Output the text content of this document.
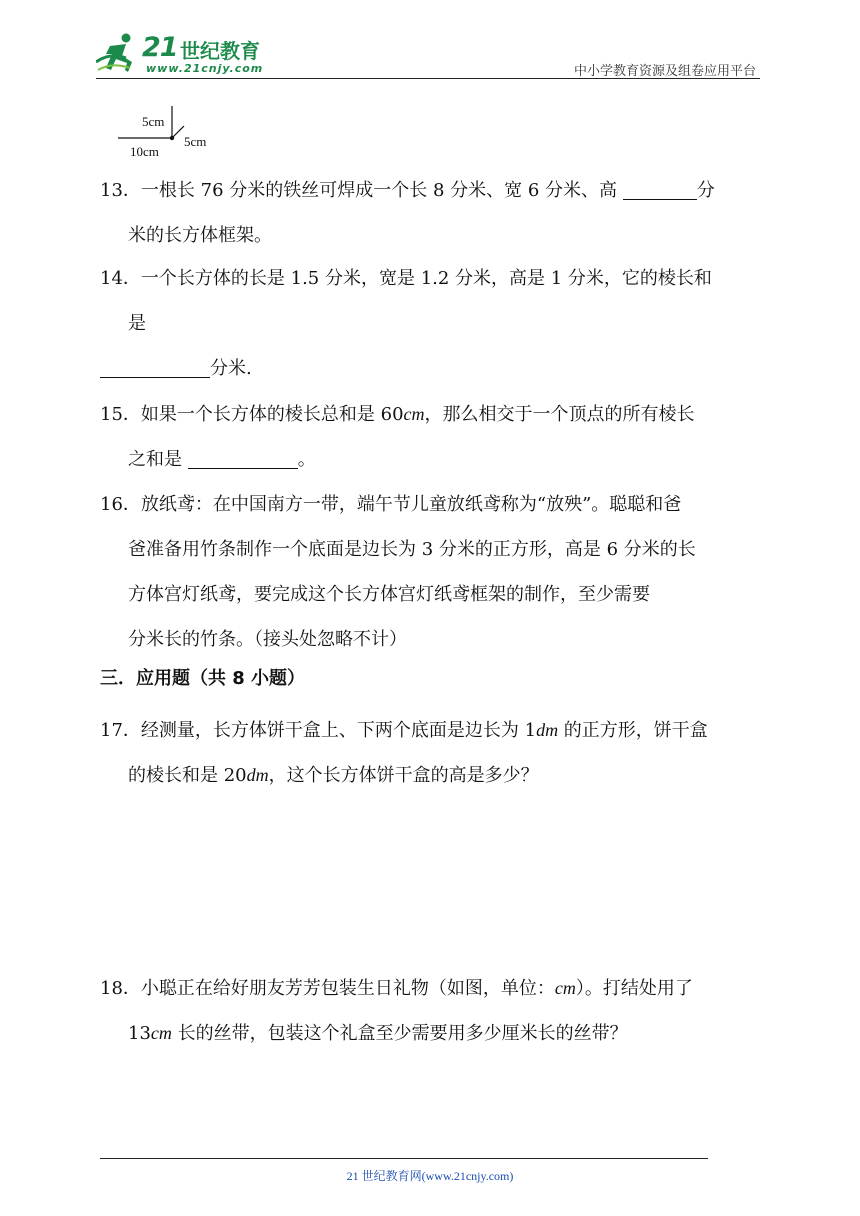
21 世纪教育
www.21cnjy.com	中小学教育资源及组卷应用平台
5cm
5cm
10cm
13．一根长 76 分米的铁丝可焊成一个长 8 分米、宽 6 分米、高	分
米的长方体框架。
14．一个长方体的长是 1.5 分米，宽是 1.2 分米，高是 1 分米，它的棱长和
是
分米.
15．如果一个长方体的棱长总和是 60cm，那么相交于一个顶点的所有棱长
之和是	。
16．放纸鸢：在中国南方一带，端午节儿童放纸鸢称为“放殃”。聪聪和爸
爸准备用竹条制作一个底面是边长为 3 分米的正方形，高是 6 分米的长
方体宫灯纸鸢，要完成这个长方体宫灯纸鸢框架的制作，至少需要
分米长的竹条。（接头处忽略不计）
三．应用题（共 8 小题）
17．经测量，长方体饼干盒上、下两个底面是边长为 1dm 的正方形，饼干盒
的棱长和是 20dm，这个长方体饼干盒的高是多少？
18．小聪正在给好朋友芳芳包装生日礼物（如图，单位：cm）。打结处用了
13cm 长的丝带，包装这个礼盒至少需要用多少厘米长的丝带？
21 世纪教育网(www.21cnjy.com)
